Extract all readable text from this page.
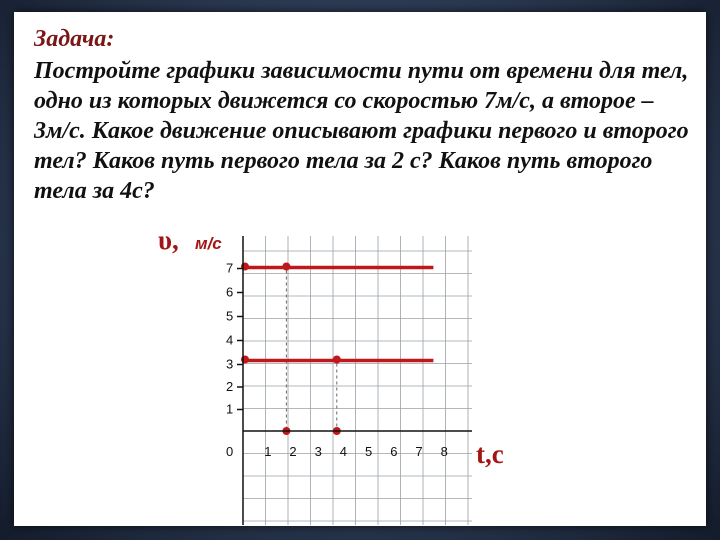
Задача:

Постройте графики зависимости пути от времени для тел, одно из которых движется со скоростью 7м/с, а второе – 3м/с. Какое движение описывают графики первого и второго тел? Каков путь первого тела за 2 с? Каков путь второго тела за 4с?

1 2 3 4 5 6 7 8
1
2
3
4
5
6
7
υ, м/с
t,с
0
